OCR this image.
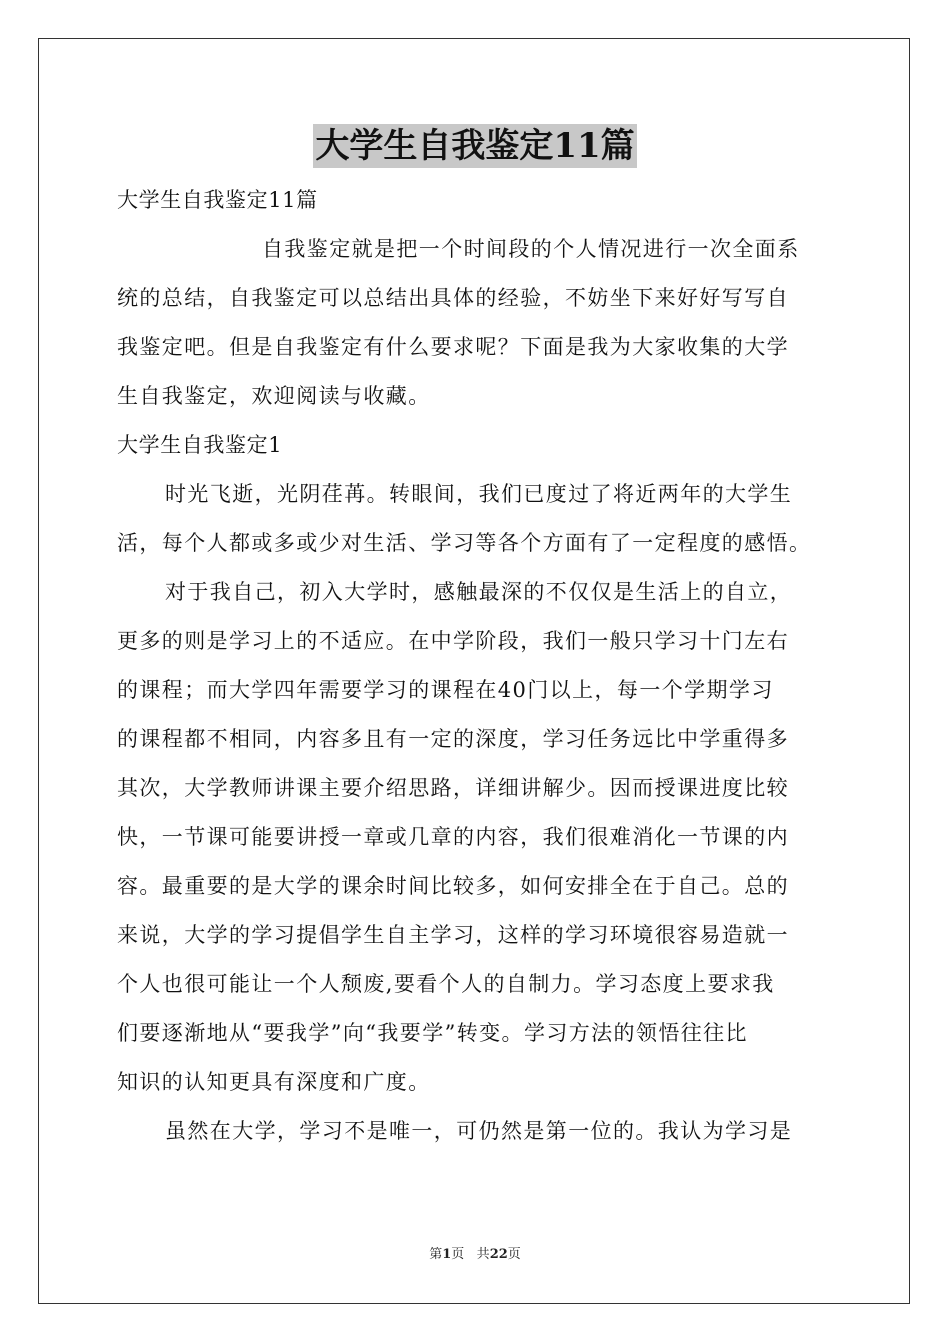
大学生自我鉴定11篇
大学生自我鉴定11篇
自我鉴定就是把一个时间段的个人情况进行一次全面系
统的总结，自我鉴定可以总结出具体的经验，不妨坐下来好好写写自
我鉴定吧。但是自我鉴定有什么要求呢？下面是我为大家收集的大学
生自我鉴定，欢迎阅读与收藏。
大学生自我鉴定1
时光飞逝，光阴荏苒。转眼间，我们已度过了将近两年的大学生
活，每个人都或多或少对生活、学习等各个方面有了一定程度的感悟。
对于我自己，初入大学时，感触最深的不仅仅是生活上的自立，
更多的则是学习上的不适应。在中学阶段，我们一般只学习十门左右
的课程；而大学四年需要学习的课程在40门以上，每一个学期学习
的课程都不相同，内容多且有一定的深度，学习任务远比中学重得多
其次，大学教师讲课主要介绍思路，详细讲解少。因而授课进度比较
快，一节课可能要讲授一章或几章的内容，我们很难消化一节课的内
容。最重要的是大学的课余时间比较多，如何安排全在于自己。总的
来说，大学的学习提倡学生自主学习，这样的学习环境很容易造就一
个人也很可能让一个人颓废,要看个人的自制力。学习态度上要求我
们要逐渐地从“要我学”向“我要学”转变。学习方法的领悟往往比
知识的认知更具有深度和广度。
虽然在大学，学习不是唯一，可仍然是第一位的。我认为学习是
第1页 共22页
